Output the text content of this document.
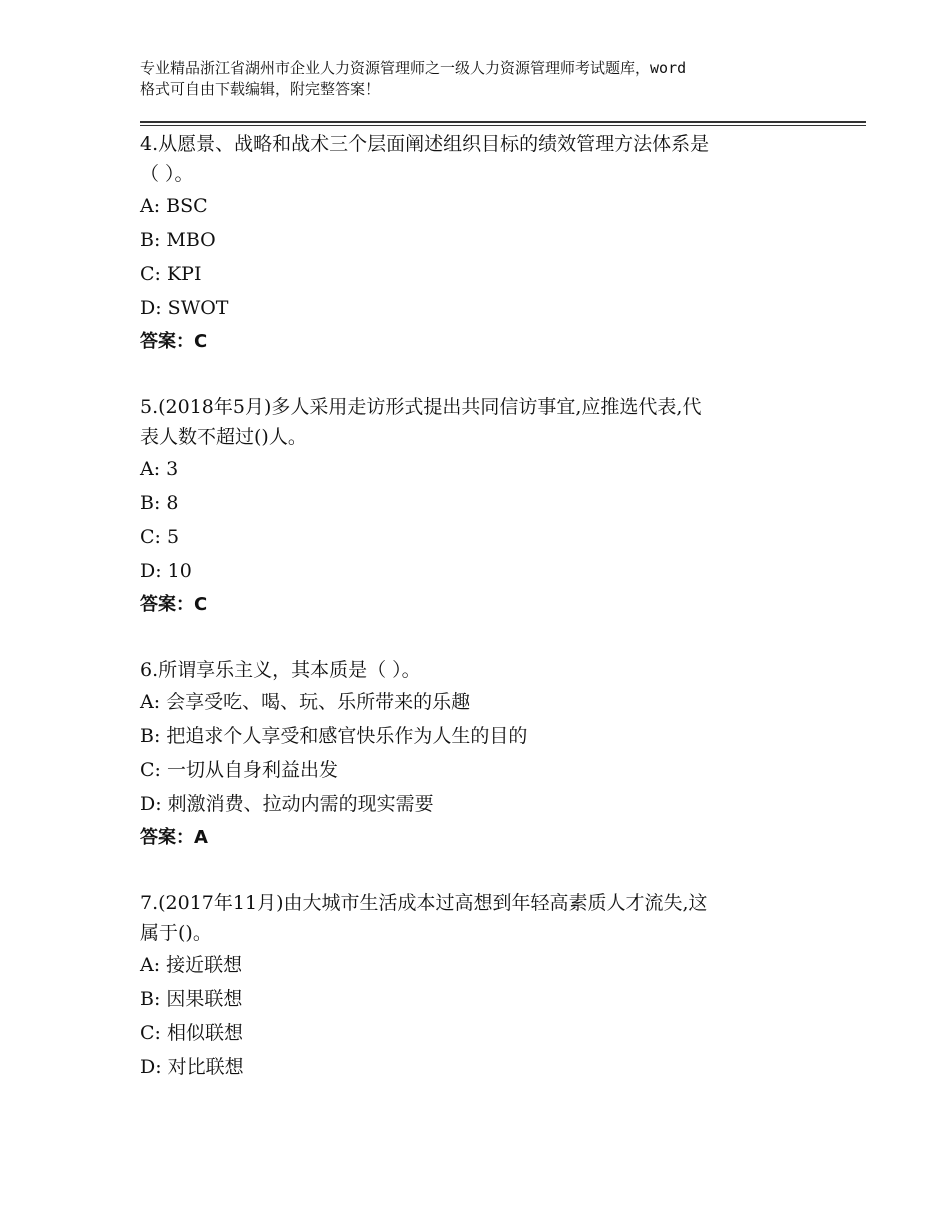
专业精品浙江省湖州市企业人力资源管理师之一级人力资源管理师考试题库，word
格式可自由下载编辑，附完整答案！
4.从愿景、战略和战术三个层面阐述组织目标的绩效管理方法体系是
（ ）。
A: BSC
B: MBO
C: KPI
D: SWOT
答案：C
5.(2018年5月)多人采用走访形式提出共同信访事宜,应推选代表,代
表人数不超过()人。
A: 3
B: 8
C: 5
D: 10
答案：C
6.所谓享乐主义，其本质是（ ）。
A: 会享受吃、喝、玩、乐所带来的乐趣
B: 把追求个人享受和感官快乐作为人生的目的
C: 一切从自身利益出发
D: 刺激消费、拉动内需的现实需要
答案：A
7.(2017年11月)由大城市生活成本过高想到年轻高素质人才流失,这
属于()。
A: 接近联想
B: 因果联想
C: 相似联想
D: 对比联想
